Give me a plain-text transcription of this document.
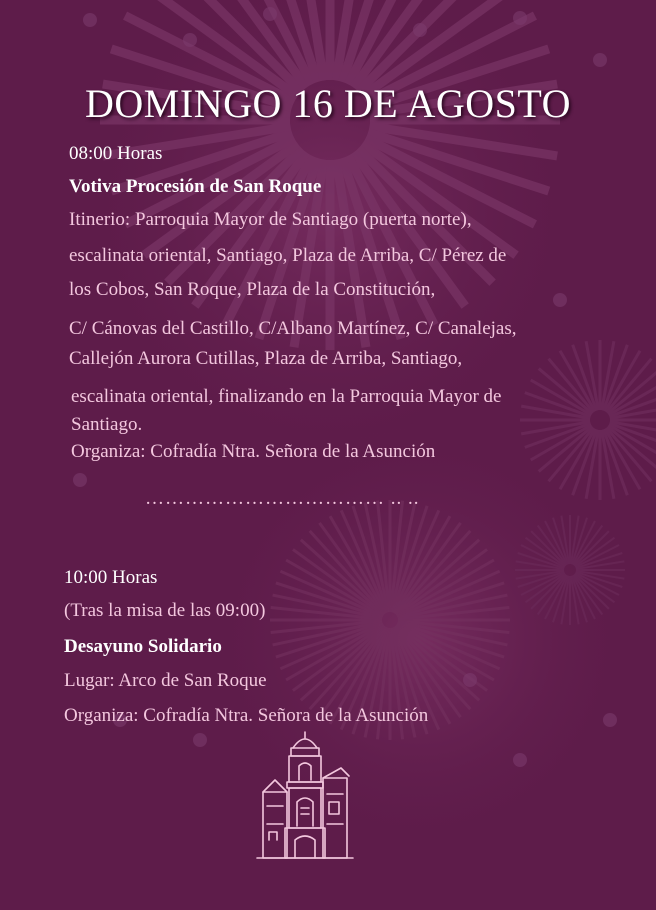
DOMINGO 16 DE AGOSTO
08:00 Horas
Votiva Procesión de San Roque
Itinerio: Parroquia Mayor de Santiago (puerta norte),
escalinata oriental, Santiago, Plaza de Arriba, C/ Pérez de
los Cobos, San Roque, Plaza de la Constitución,
C/ Cánovas del Castillo, C/Albano Martínez, C/ Canalejas,
Callejón Aurora Cutillas, Plaza de Arriba, Santiago,
escalinata oriental, finalizando en la Parroquia Mayor de
Santiago.
Organiza: Cofradía Ntra. Señora de la Asunción
……………………………… .. ..
10:00 Horas
(Tras la misa de las 09:00)
Desayuno Solidario
Lugar: Arco de San Roque
Organiza: Cofradía Ntra. Señora de la Asunción
